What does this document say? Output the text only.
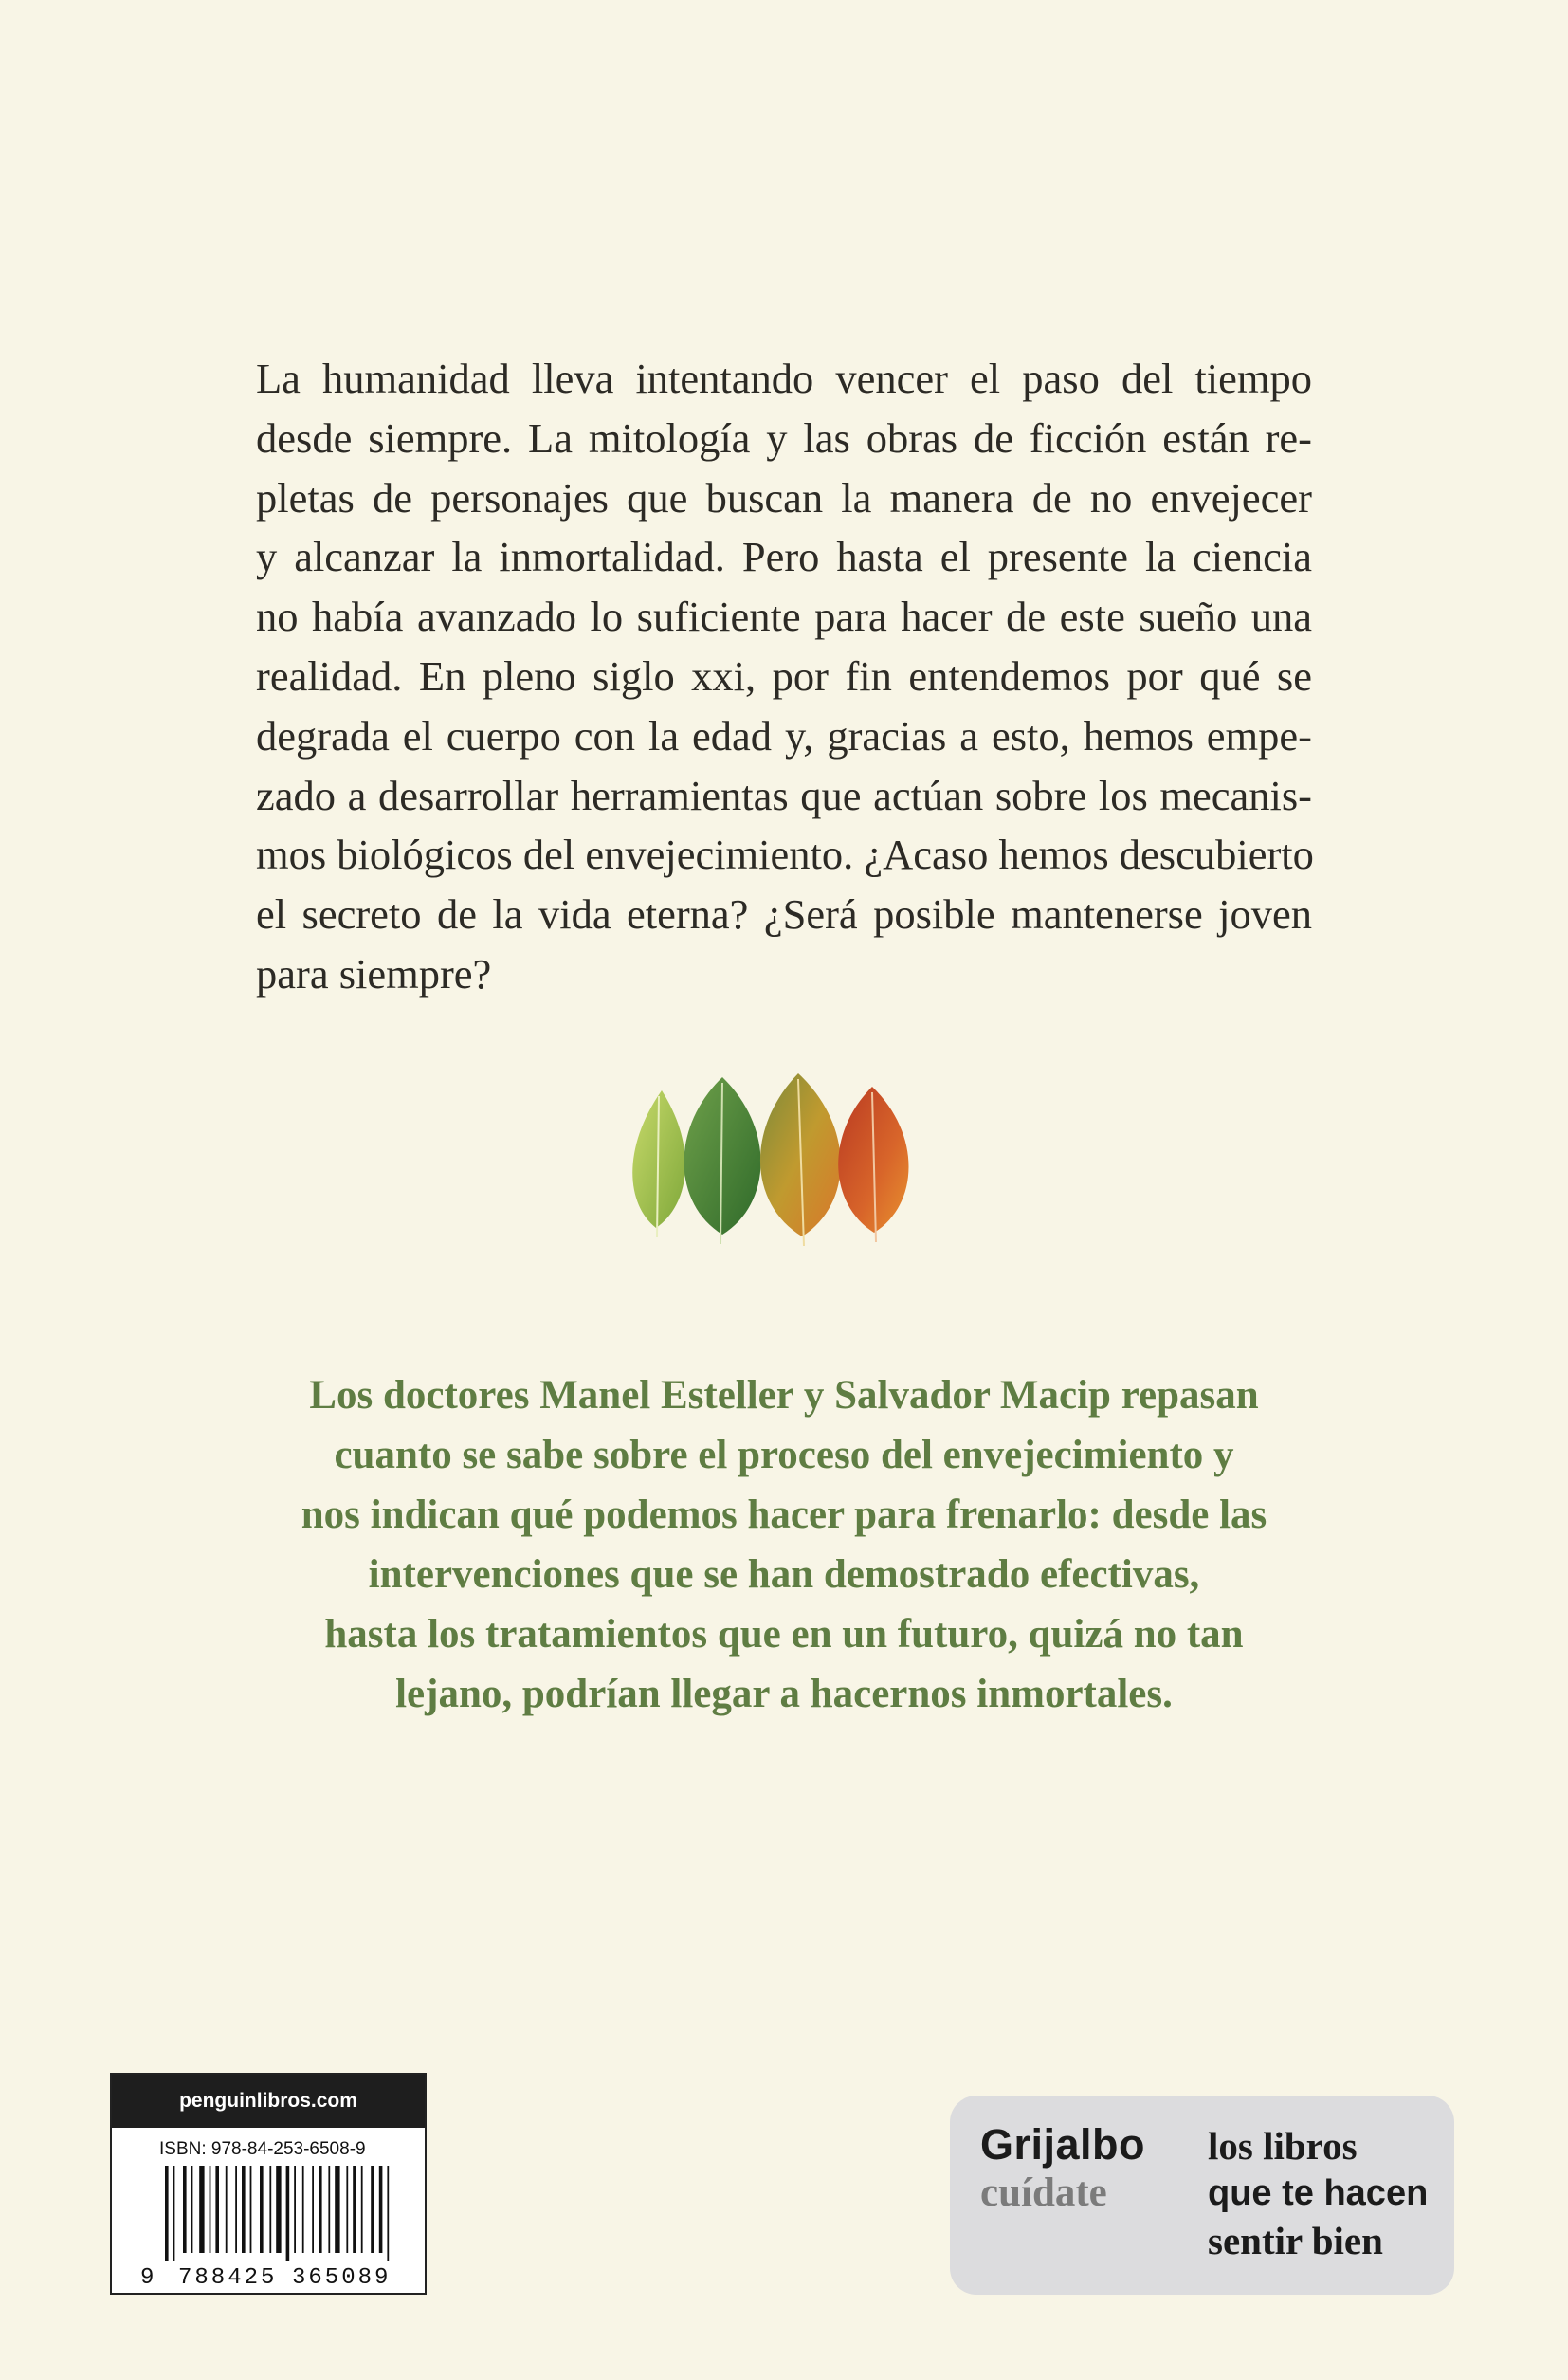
La humanidad lleva intentando vencer el paso del tiempo
desde siempre. La mitología y las obras de ficción están re-
pletas de personajes que buscan la manera de no envejecer
y alcanzar la inmortalidad. Pero hasta el presente la ciencia
no había avanzado lo suficiente para hacer de este sueño una
realidad. En pleno siglo xxi, por fin entendemos por qué se
degrada el cuerpo con la edad y, gracias a esto, hemos empe-
zado a desarrollar herramientas que actúan sobre los mecanis-
mos biológicos del envejecimiento. ¿Acaso hemos descubierto
el secreto de la vida eterna? ¿Será posible mantenerse joven
para siempre?
Los doctores Manel Esteller y Salvador Macip repasan
cuanto se sabe sobre el proceso del envejecimiento y
nos indican qué podemos hacer para frenarlo: desde las
intervenciones que se han demostrado efectivas,
hasta los tratamientos que en un futuro, quizá no tan
lejano, podrían llegar a hacernos inmortales.
penguinlibros.com
ISBN: 978-84-253-6508-9
9 788425 365089
Grijalbo
cuídate
los libros
que te hacen
sentir bien
